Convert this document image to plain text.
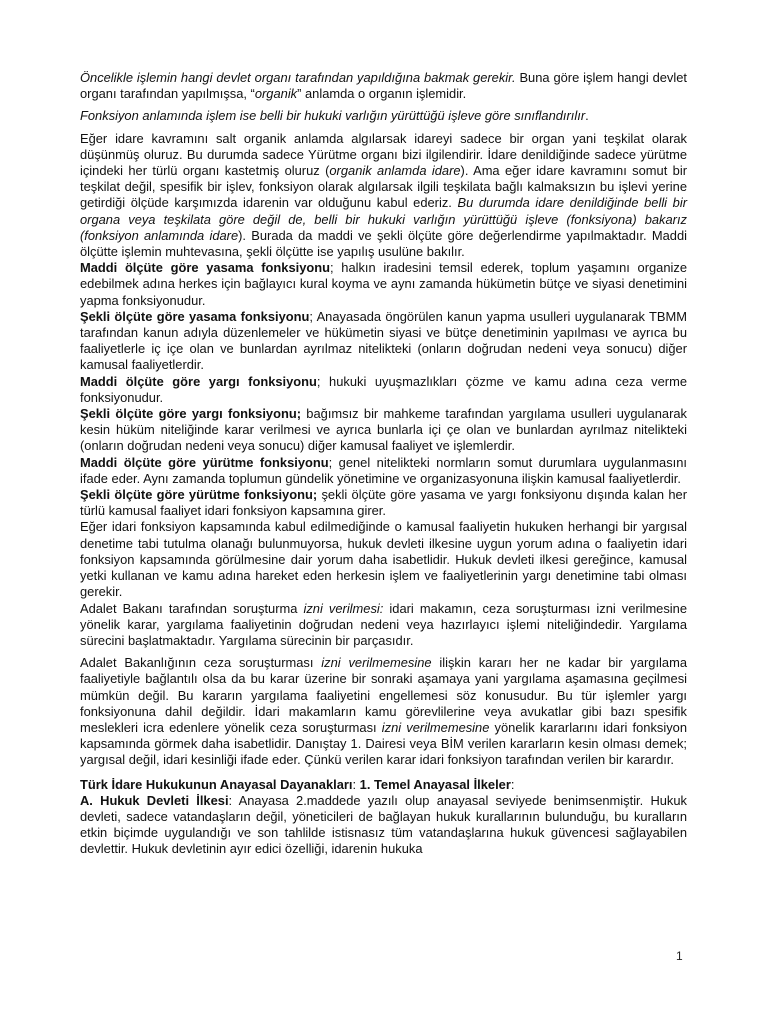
Öncelikle işlemin hangi devlet organı tarafından yapıldığına bakmak gerekir. Buna göre işlem hangi devlet organı tarafından yapılmışsa, “organik” anlamda o organın işlemidir.

Fonksiyon anlamında işlem ise belli bir hukuki varlığın yürüttüğü işleve göre sınıflandırılır.

Eğer idare kavramını salt organik anlamda algılarsak idareyi sadece bir organ yani teşkilat olarak düşünmüş oluruz. Bu durumda sadece Yürütme organı bizi ilgilendirir. İdare denildiğinde sadece yürütme içindeki her türlü organı kastetmiş oluruz (organik anlamda idare). Ama eğer idare kavramını somut bir teşkilat değil, spesifik bir işlev, fonksiyon olarak algılarsak ilgili teşkilata bağlı kalmaksızın bu işlevi yerine getirdiği ölçüde karşımızda idarenin var olduğunu kabul ederiz. Bu durumda idare denildiğinde belli bir organa veya teşkilata göre değil de, belli bir hukuki varlığın yürüttüğü işleve (fonksiyona) bakarız (fonksiyon anlamında idare). Burada da maddi ve şekli ölçüte göre değerlendirme yapılmaktadır. Maddi ölçütte işlemin muhtevasına, şekli ölçütte ise yapılış usulüne bakılır.

Maddi ölçüte göre yasama fonksiyonu; halkın iradesini temsil ederek, toplum yaşamını organize edebilmek adına herkes için bağlayıcı kural koyma ve aynı zamanda hükümetin bütçe ve siyasi denetimini yapma fonksiyonudur.

Şekli ölçüte göre yasama fonksiyonu; Anayasada öngörülen kanun yapma usulleri uygulanarak TBMM tarafından kanun adıyla düzenlemeler ve hükümetin siyasi ve bütçe denetiminin yapılması ve ayrıca bu faaliyetlerle iç içe olan ve bunlardan ayrılmaz nitelikteki (onların doğrudan nedeni veya sonucu) diğer kamusal faaliyetlerdir.

Maddi ölçüte göre yargı fonksiyonu; hukuki uyuşmazlıkları çözme ve kamu adına ceza verme fonksiyonudur.

Şekli ölçüte göre yargı fonksiyonu; bağımsız bir mahkeme tarafından yargılama usulleri uygulanarak kesin hüküm niteliğinde karar verilmesi ve ayrıca bunlarla içi çe olan ve bunlardan ayrılmaz nitelikteki (onların doğrudan nedeni veya sonucu) diğer kamusal faaliyet ve işlemlerdir.

Maddi ölçüte göre yürütme fonksiyonu; genel nitelikteki normların somut durumlara uygulanmasını ifade eder. Aynı zamanda toplumun gündelik yönetimine ve organizasyonuna ilişkin kamusal faaliyetlerdir.

Şekli ölçüte göre yürütme fonksiyonu; şekli ölçüte göre yasama ve yargı fonksiyonu dışında kalan her türlü kamusal faaliyet idari fonksiyon kapsamına girer.

Eğer idari fonksiyon kapsamında kabul edilmediğinde o kamusal faaliyetin hukuken herhangi bir yargısal denetime tabi tutulma olanağı bulunmuyorsa, hukuk devleti ilkesine uygun yorum adına o faaliyetin idari fonksiyon kapsamında görülmesine dair yorum daha isabetlidir. Hukuk devleti ilkesi gereğince, kamusal yetki kullanan ve kamu adına hareket eden herkesin işlem ve faaliyetlerinin yargı denetimine tabi olması gerekir.

Adalet Bakanı tarafından soruşturma izni verilmesi: idari makamın, ceza soruşturması izni verilmesine yönelik karar, yargılama faaliyetinin doğrudan nedeni veya hazırlayıcı işlemi niteliğindedir. Yargılama sürecini başlatmaktadır. Yargılama sürecinin bir parçasıdır.

Adalet Bakanlığının ceza soruşturması izni verilmemesine ilişkin kararı her ne kadar bir yargılama faaliyetiyle bağlantılı olsa da bu karar üzerine bir sonraki aşamaya yani yargılama aşamasına geçilmesi mümkün değil. Bu kararın yargılama faaliyetini engellemesi söz konusudur. Bu tür işlemler yargı fonksiyonuna dahil değildir. İdari makamların kamu görevlilerine veya avukatlar gibi bazı spesifik meslekleri icra edenlere yönelik ceza soruşturması izni verilmemesine yönelik kararlarını idari fonksiyon kapsamında görmek daha isabetlidir. Danıştay 1. Dairesi veya BİM verilen kararların kesin olması demek; yargısal değil, idari kesinliği ifade eder. Çünkü verilen karar idari fonksiyon tarafından verilen bir karardır.

Türk İdare Hukukunun Anayasal Dayanakları: 1. Temel Anayasal İlkeler:

A. Hukuk Devleti İlkesi: Anayasa 2.maddede yazılı olup anayasal seviyede benimsenmiştir. Hukuk devleti, sadece vatandaşların değil, yöneticileri de bağlayan hukuk kurallarının bulunduğu, bu kuralların etkin biçimde uygulandığı ve son tahlilde istisnasız tüm vatandaşlarına hukuk güvencesi sağlayabilen devlettir. Hukuk devletinin ayır edici özelliği, idarenin hukuka

1
